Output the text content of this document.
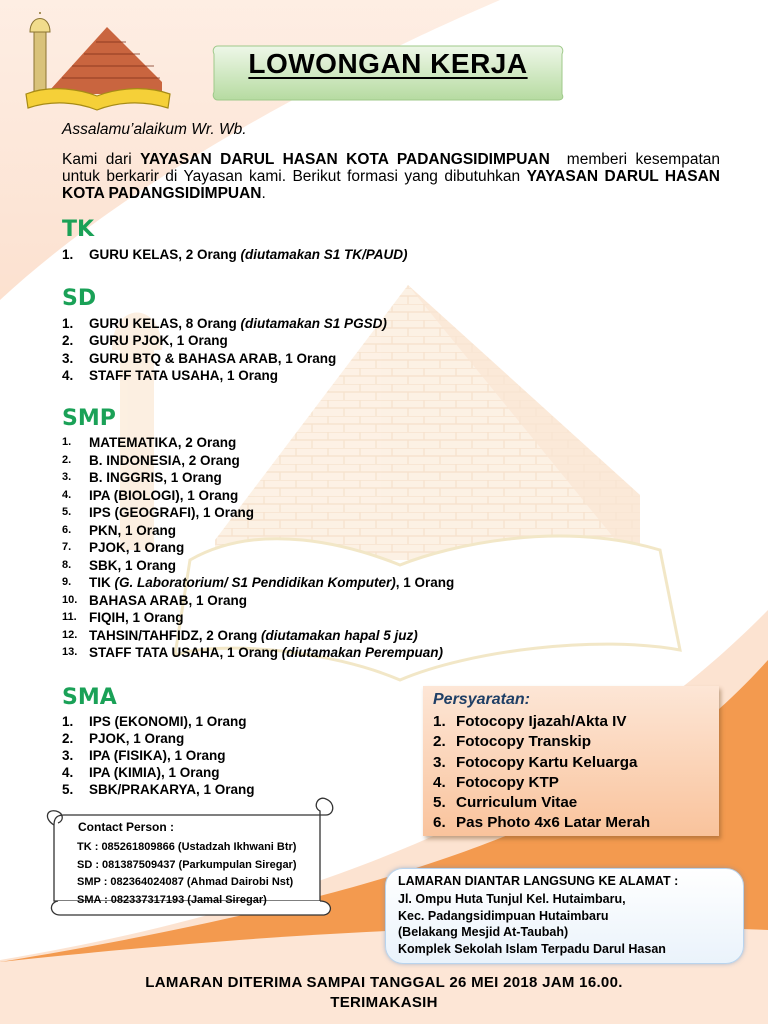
LOWONGAN KERJA
Assalamu’alaikum Wr. Wb.
Kami dari YAYASAN DARUL HASAN KOTA PADANGSIDIMPUAN  memberi kesempatan untuk berkarir di Yayasan kami. Berikut formasi yang dibutuhkan YAYASAN DARUL HASAN KOTA PADANGSIDIMPUAN.
TK
1.	GURU KELAS, 2 Orang (diutamakan S1 TK/PAUD)
SD
1.	GURU KELAS, 8 Orang (diutamakan S1 PGSD)
2.	GURU PJOK, 1 Orang
3.	GURU BTQ & BAHASA ARAB, 1 Orang
4.	STAFF TATA USAHA, 1 Orang
SMP
1.	MATEMATIKA, 2 Orang
2.	B. INDONESIA, 2 Orang
3.	B. INGGRIS, 1 Orang
4.	IPA (BIOLOGI), 1 Orang
5.	IPS (GEOGRAFI), 1 Orang
6.	PKN, 1 Orang
7.	PJOK, 1 Orang
8.	SBK, 1 Orang
9.	TIK (G. Laboratorium/ S1 Pendidikan Komputer), 1 Orang
10. BAHASA ARAB, 1 Orang
11. FIQIH, 1 Orang
12. TAHSIN/TAHFIDZ, 2 Orang (diutamakan hapal 5 juz)
13. STAFF TATA USAHA, 1 Orang (diutamakan Perempuan)
SMA
1.	IPS (EKONOMI), 1 Orang
2.	PJOK, 1 Orang
3.	IPA (FISIKA), 1 Orang
4.	IPA (KIMIA), 1 Orang
5.	SBK/PRAKARYA, 1 Orang
Persyaratan:
1. Fotocopy Ijazah/Akta IV
2. Fotocopy Transkip
3. Fotocopy Kartu Keluarga
4. Fotocopy KTP
5. Curriculum Vitae
6. Pas Photo 4x6 Latar Merah
Contact Person :
TK : 085261809866 (Ustadzah Ikhwani Btr)
SD : 081387509437 (Parkumpulan Siregar)
SMP : 082364024087 (Ahmad Dairobi Nst)
SMA : 082337317193 (Jamal Siregar)
LAMARAN DIANTAR LANGSUNG KE ALAMAT :
Jl. Ompu Huta Tunjul Kel. Hutaimbaru,
Kec. Padangsidimpuan Hutaimbaru
(Belakang Mesjid At-Taubah)
Komplek Sekolah Islam Terpadu Darul Hasan
LAMARAN DITERIMA SAMPAI TANGGAL 26 MEI 2018 JAM 16.00.
TERIMAKASIH
